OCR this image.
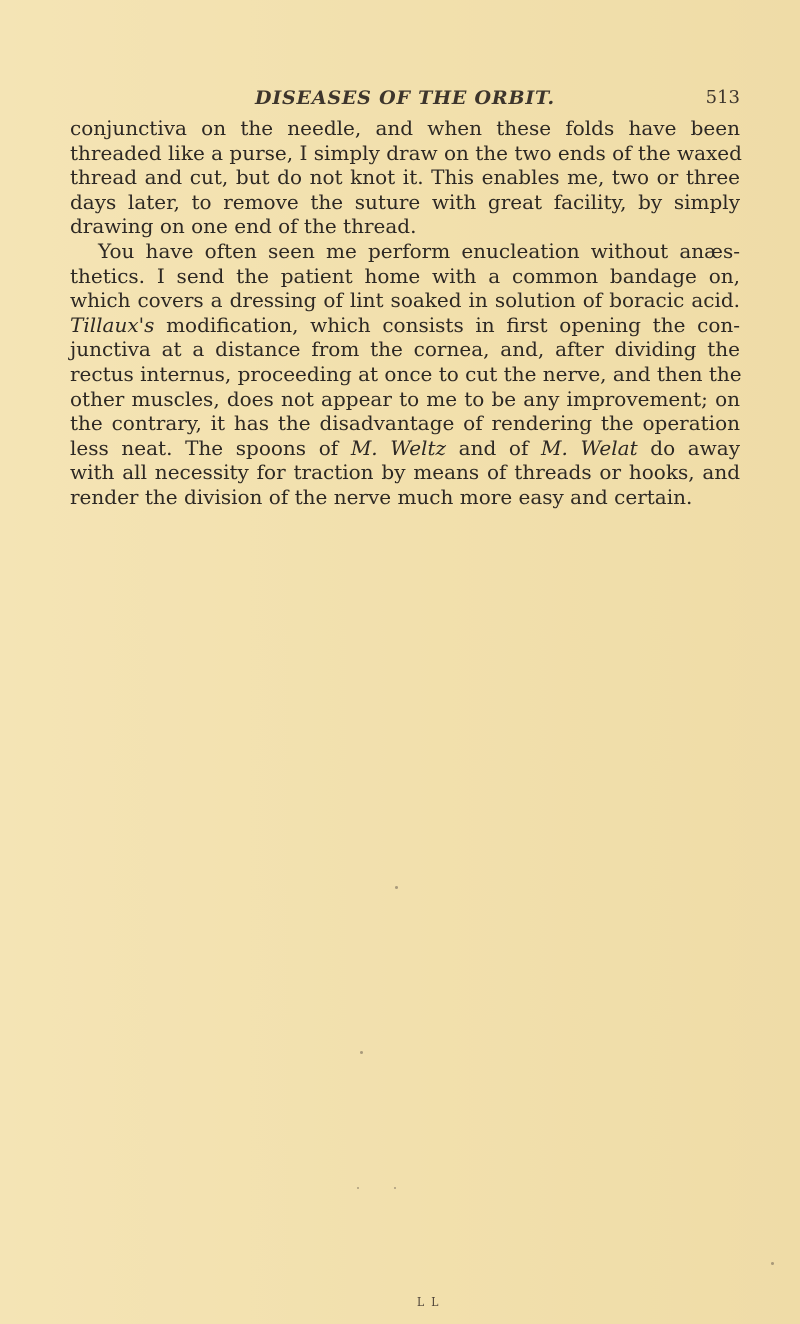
DISEASES OF THE ORBIT.	513

conjunctiva on the needle, and when these folds have been
threaded like a purse, I simply draw on the two ends of the waxed
thread and cut, but do not knot it. This enables me, two or three
days later, to remove the suture with great facility, by simply
drawing on one end of the thread.

You have often seen me perform enucleation without anæs-
thetics. I send the patient home with a common bandage on,
which covers a dressing of lint soaked in solution of boracic acid.
Tillaux's modification, which consists in first opening the con-
junctiva at a distance from the cornea, and, after dividing the
rectus internus, proceeding at once to cut the nerve, and then the
other muscles, does not appear to me to be any improvement; on
the contrary, it has the disadvantage of rendering the operation
less neat. The spoons of M. Weltz and of M. Welat do away
with all necessity for traction by means of threads or hooks, and
render the division of the nerve much more easy and certain.

L L
